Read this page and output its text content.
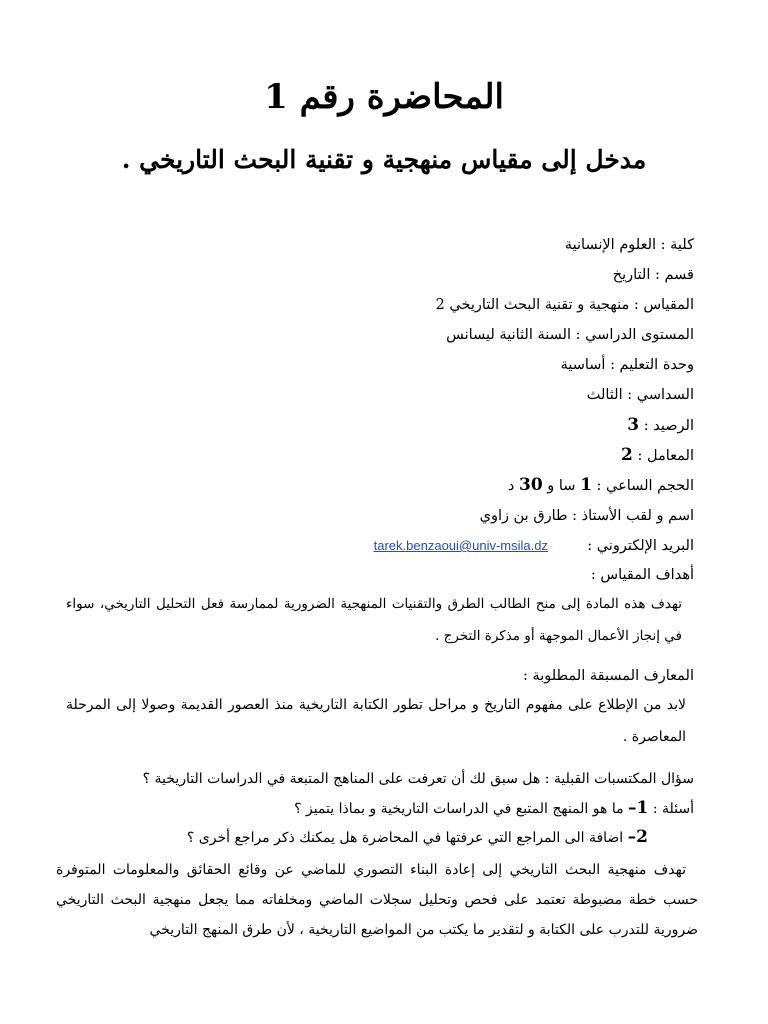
المحاضرة رقم 1
مدخل إلى مقياس منهجية و تقنية البحث التاريخي .
كلية : العلوم الإنسانية
قسم : التاريخ
المقياس : منهجية و تقنية البحث التاريخي 2
المستوى الدراسي : السنة الثانية ليسانس
وحدة التعليم : أساسية
السداسي : الثالث
الرصيد : 3
المعامل : 2
الحجم الساعي : 1 سا و 30 د
اسم و لقب الأستاذ : طارق بن زاوي
البريد الإلكتروني :  tarek.benzaoui@univ-msila.dz
أهداف المقياس :
تهدف هذه المادة إلى منح الطالب الطرق والتقنيات المنهجية الضرورية لممارسة فعل التحليل التاريخي، سواء في إنجاز الأعمال الموجهة أو مذكرة التخرج .
المعارف المسبقة المطلوبة :
لابد من الإطلاع على مفهوم التاريخ و مراحل تطور الكتابة التاريخية منذ العصور القديمة وصولا إلى المرحلة المعاصرة .
سؤال المكتسبات القبلية : هل سبق لك أن تعرفت على المناهج المتبعة في الدراسات التاريخية ؟
أسئلة : 1– ما هو المنهج المتبع في الدراسات التاريخية و بماذا يتميز ؟
2– اضافة الى المراجع التي عرفتها في المحاضرة هل يمكنك ذكر مراجع أخرى ؟
تهدف منهجية البحث التاريخي إلى إعادة البناء التصوري للماضي عن وقائع الحقائق والمعلومات المتوفرة حسب خطة مضبوطة تعتمد على فحص وتحليل سجلات الماضي ومخلفاته مما يجعل منهجية البحث التاريخي ضرورية للتدرب على الكتابة و لتقدير ما يكتب من المواضيع التاريخية ، لأن طرق المنهج التاريخي
